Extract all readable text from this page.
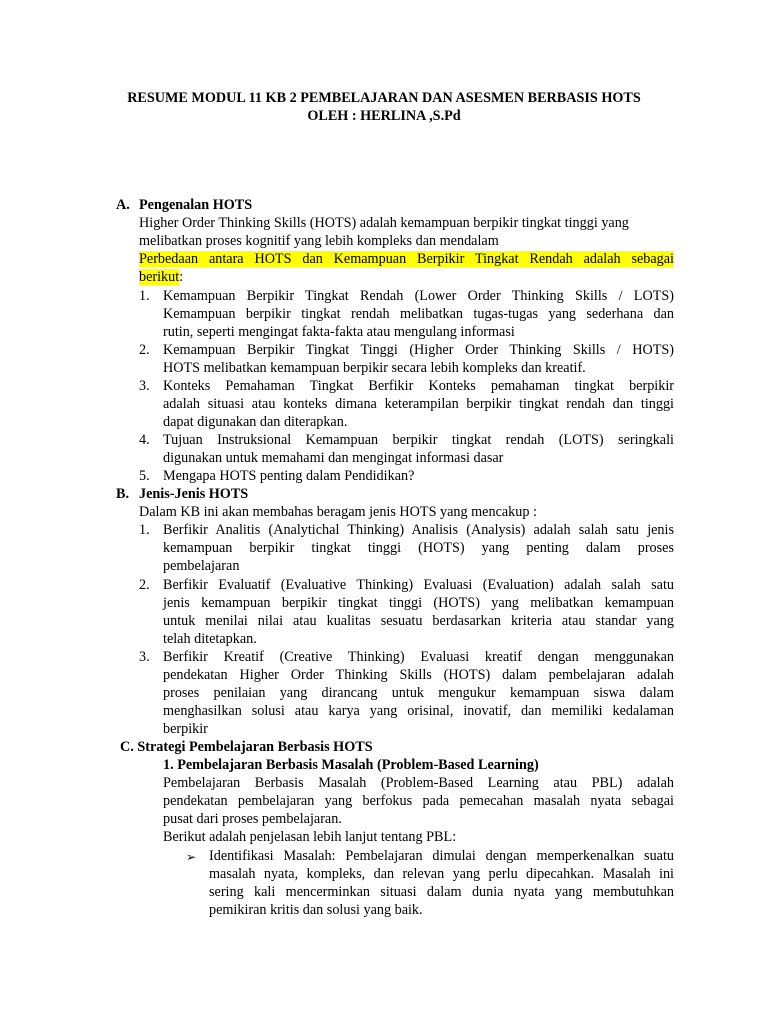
RESUME MODUL 11 KB 2 PEMBELAJARAN DAN ASESMEN BERBASIS HOTS
OLEH : HERLINA ,S.Pd
A. Pengenalan HOTS
Higher Order Thinking Skills (HOTS) adalah kemampuan berpikir tingkat tinggi yang
melibatkan proses kognitif yang lebih kompleks dan mendalam
Perbedaan antara HOTS dan Kemampuan Berpikir Tingkat Rendah adalah sebagai
berikut:
1. Kemampuan Berpikir Tingkat Rendah (Lower Order Thinking Skills / LOTS)
Kemampuan berpikir tingkat rendah melibatkan tugas-tugas yang sederhana dan
rutin, seperti mengingat fakta-fakta atau mengulang informasi
2. Kemampuan Berpikir Tingkat Tinggi (Higher Order Thinking Skills / HOTS)
HOTS melibatkan kemampuan berpikir secara lebih kompleks dan kreatif.
3. Konteks Pemahaman Tingkat Berfikir Konteks pemahaman tingkat berpikir
adalah situasi atau konteks dimana keterampilan berpikir tingkat rendah dan tinggi
dapat digunakan dan diterapkan.
4. Tujuan Instruksional Kemampuan berpikir tingkat rendah (LOTS) seringkali
digunakan untuk memahami dan mengingat informasi dasar
5. Mengapa HOTS penting dalam Pendidikan?
B. Jenis-Jenis HOTS
Dalam KB ini akan membahas beragam jenis HOTS yang mencakup :
1. Berfikir Analitis (Analytichal Thinking) Analisis (Analysis) adalah salah satu jenis
kemampuan berpikir tingkat tinggi (HOTS) yang penting dalam proses
pembelajaran
2. Berfikir Evaluatif (Evaluative Thinking) Evaluasi (Evaluation) adalah salah satu
jenis kemampuan berpikir tingkat tinggi (HOTS) yang melibatkan kemampuan
untuk menilai nilai atau kualitas sesuatu berdasarkan kriteria atau standar yang
telah ditetapkan.
3. Berfikir Kreatif (Creative Thinking) Evaluasi kreatif dengan menggunakan
pendekatan Higher Order Thinking Skills (HOTS) dalam pembelajaran adalah
proses penilaian yang dirancang untuk mengukur kemampuan siswa dalam
menghasilkan solusi atau karya yang orisinal, inovatif, dan memiliki kedalaman
berpikir
C. Strategi Pembelajaran Berbasis HOTS
1. Pembelajaran Berbasis Masalah (Problem-Based Learning)
Pembelajaran Berbasis Masalah (Problem-Based Learning atau PBL) adalah
pendekatan pembelajaran yang berfokus pada pemecahan masalah nyata sebagai
pusat dari proses pembelajaran.
Berikut adalah penjelasan lebih lanjut tentang PBL:
➢ Identifikasi Masalah: Pembelajaran dimulai dengan memperkenalkan suatu
masalah nyata, kompleks, dan relevan yang perlu dipecahkan. Masalah ini
sering kali mencerminkan situasi dalam dunia nyata yang membutuhkan
pemikiran kritis dan solusi yang baik.
